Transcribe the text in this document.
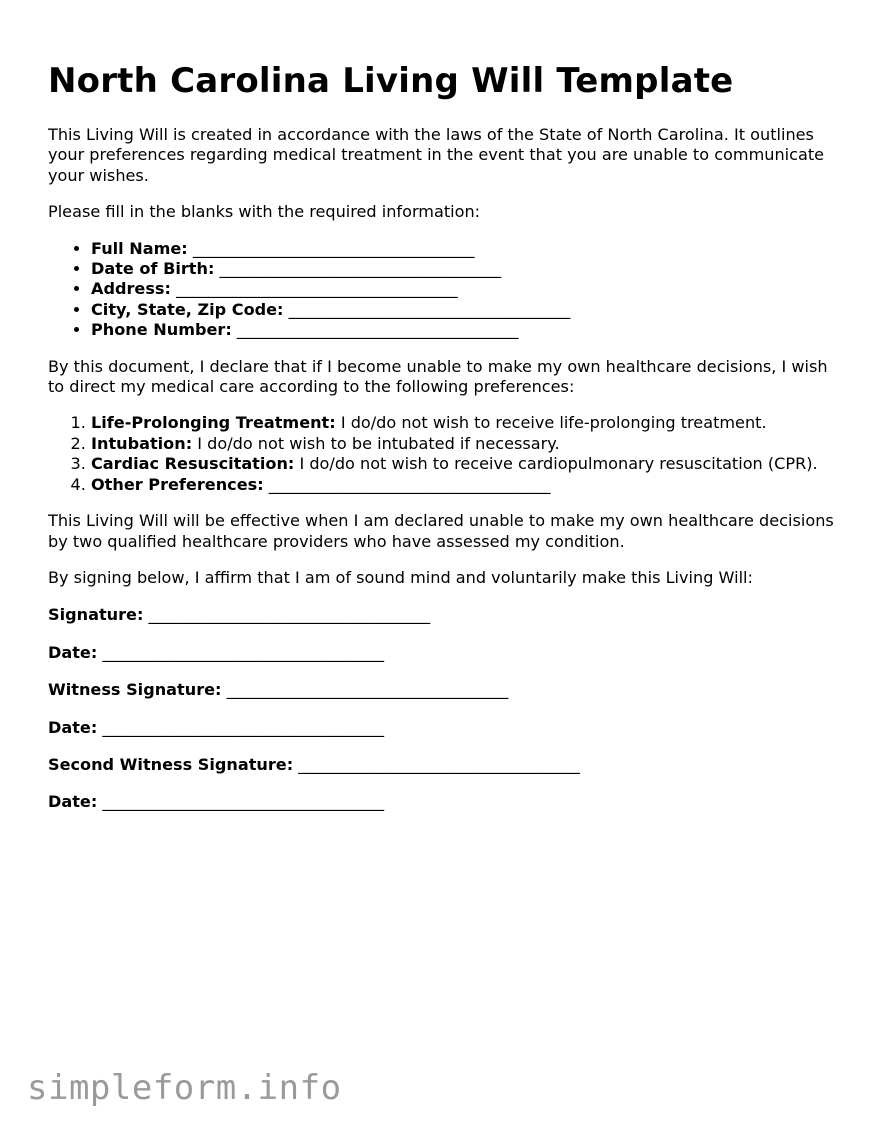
North Carolina Living Will Template

This Living Will is created in accordance with the laws of the State of North Carolina. It outlines your preferences regarding medical treatment in the event that you are unable to communicate your wishes.

Please fill in the blanks with the required information:

• Full Name: ___________________________________
• Date of Birth: ___________________________________
• Address: ___________________________________
• City, State, Zip Code: ___________________________________
• Phone Number: ___________________________________

By this document, I declare that if I become unable to make my own healthcare decisions, I wish to direct my medical care according to the following preferences:

1. Life-Prolonging Treatment: I do/do not wish to receive life-prolonging treatment.
2. Intubation: I do/do not wish to be intubated if necessary.
3. Cardiac Resuscitation: I do/do not wish to receive cardiopulmonary resuscitation (CPR).
4. Other Preferences: ___________________________________

This Living Will will be effective when I am declared unable to make my own healthcare decisions by two qualified healthcare providers who have assessed my condition.

By signing below, I affirm that I am of sound mind and voluntarily make this Living Will:

Signature: ___________________________________
Date: ___________________________________
Witness Signature: ___________________________________
Date: ___________________________________
Second Witness Signature: ___________________________________
Date: ___________________________________
simpleform.info
